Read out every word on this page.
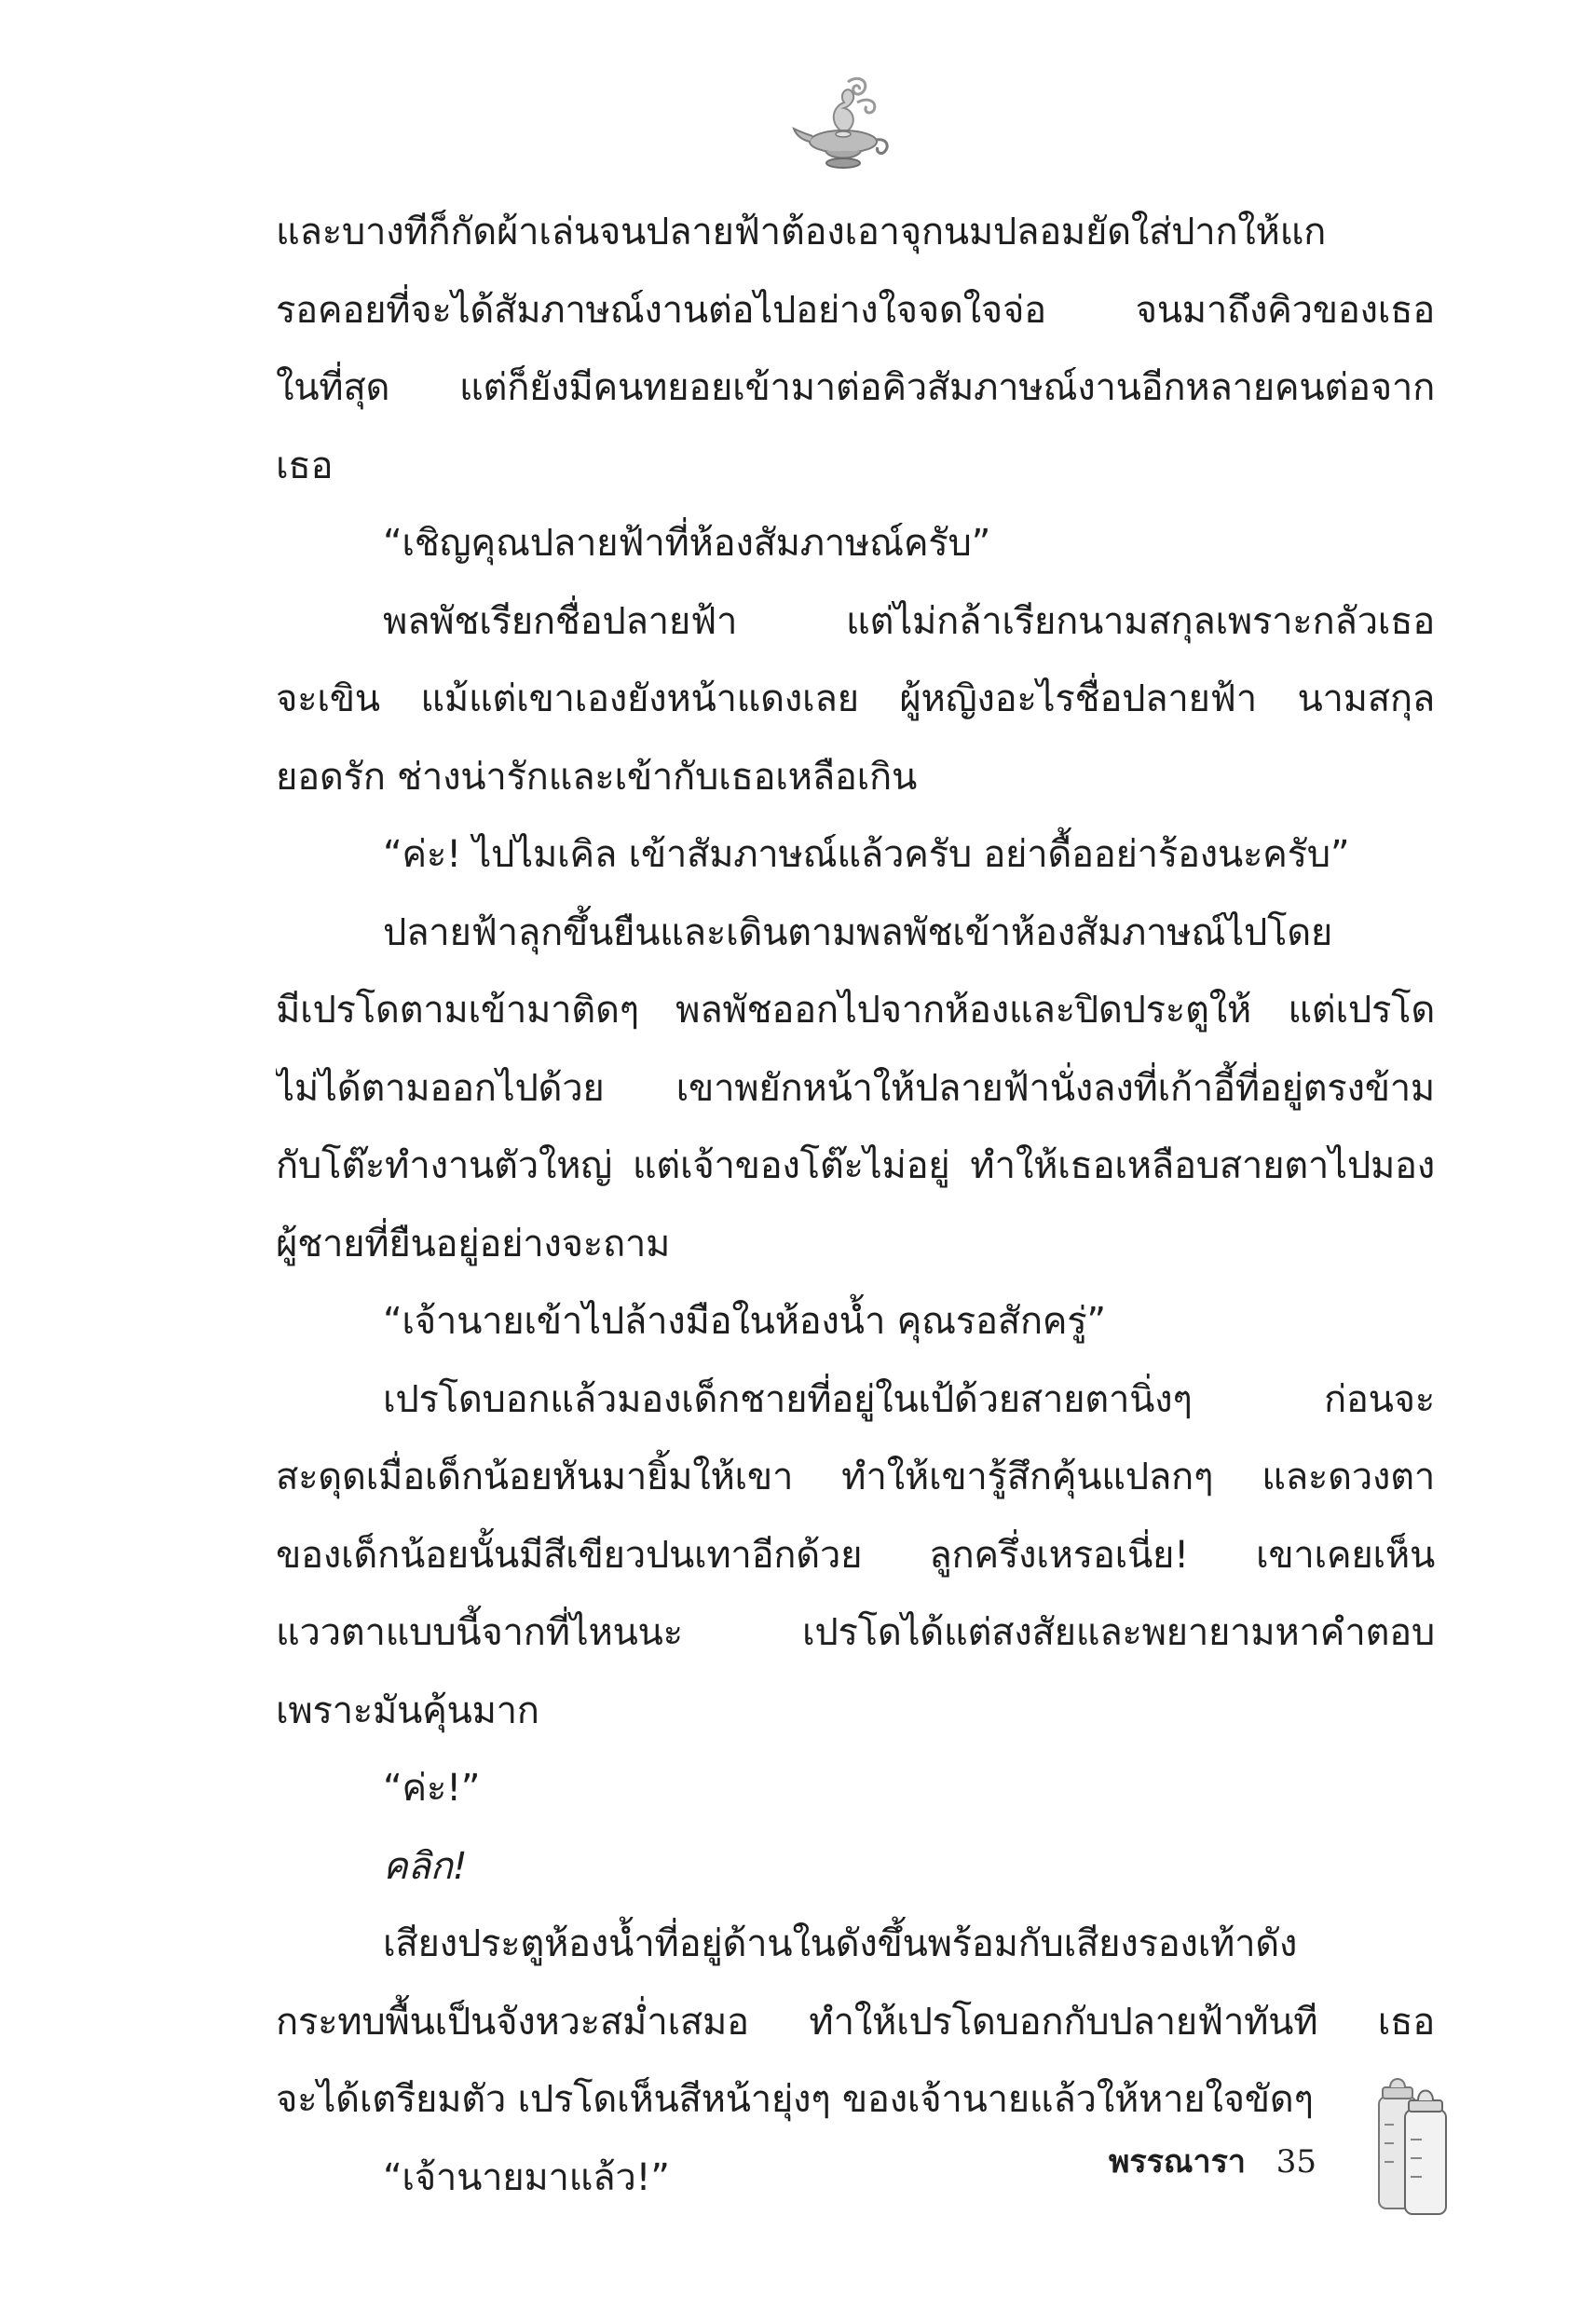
และบางทีก็กัดผ้าเล่นจนปลายฟ้าต้องเอาจุกนมปลอมยัดใส่ปากให้แก
รอคอยที่จะได้สัมภาษณ์งานต่อไปอย่างใจจดใจจ่อ จนมาถึงคิวของเธอ
ในที่สุด แต่ก็ยังมีคนทยอยเข้ามาต่อคิวสัมภาษณ์งานอีกหลายคนต่อจาก
เธอ
“เชิญคุณปลายฟ้าที่ห้องสัมภาษณ์ครับ”
พลพัชเรียกชื่อปลายฟ้า แต่ไม่กล้าเรียกนามสกุลเพราะกลัวเธอ
จะเขิน แม้แต่เขาเองยังหน้าแดงเลย ผู้หญิงอะไรชื่อปลายฟ้า นามสกุล
ยอดรัก ช่างน่ารักและเข้ากับเธอเหลือเกิน
“ค่ะ! ไปไมเคิล เข้าสัมภาษณ์แล้วครับ อย่าดื้ออย่าร้องนะครับ”
ปลายฟ้าลุกขึ้นยืนและเดินตามพลพัชเข้าห้องสัมภาษณ์ไปโดย
มีเปรโดตามเข้ามาติดๆ พลพัชออกไปจากห้องและปิดประตูให้ แต่เปรโด
ไม่ได้ตามออกไปด้วย เขาพยักหน้าให้ปลายฟ้านั่งลงที่เก้าอี้ที่อยู่ตรงข้าม
กับโต๊ะทำงานตัวใหญ่ แต่เจ้าของโต๊ะไม่อยู่ ทำให้เธอเหลือบสายตาไปมอง
ผู้ชายที่ยืนอยู่อย่างจะถาม
“เจ้านายเข้าไปล้างมือในห้องน้ำ คุณรอสักครู่”
เปรโดบอกแล้วมองเด็กชายที่อยู่ในเป้ด้วยสายตานิ่งๆ ก่อนจะ
สะดุดเมื่อเด็กน้อยหันมายิ้มให้เขา ทำให้เขารู้สึกคุ้นแปลกๆ และดวงตา
ของเด็กน้อยนั้นมีสีเขียวปนเทาอีกด้วย ลูกครึ่งเหรอเนี่ย! เขาเคยเห็น
แววตาแบบนี้จากที่ไหนนะ เปรโดได้แต่สงสัยและพยายามหาคำตอบ
เพราะมันคุ้นมาก
“ค่ะ!”
คลิก!
เสียงประตูห้องน้ำที่อยู่ด้านในดังขึ้นพร้อมกับเสียงรองเท้าดัง
กระทบพื้นเป็นจังหวะสม่ำเสมอ ทำให้เปรโดบอกกับปลายฟ้าทันที เธอ
จะได้เตรียมตัว เปรโดเห็นสีหน้ายุ่งๆ ของเจ้านายแล้วให้หายใจขัดๆ
“เจ้านายมาแล้ว!”	พรรณารา 35
